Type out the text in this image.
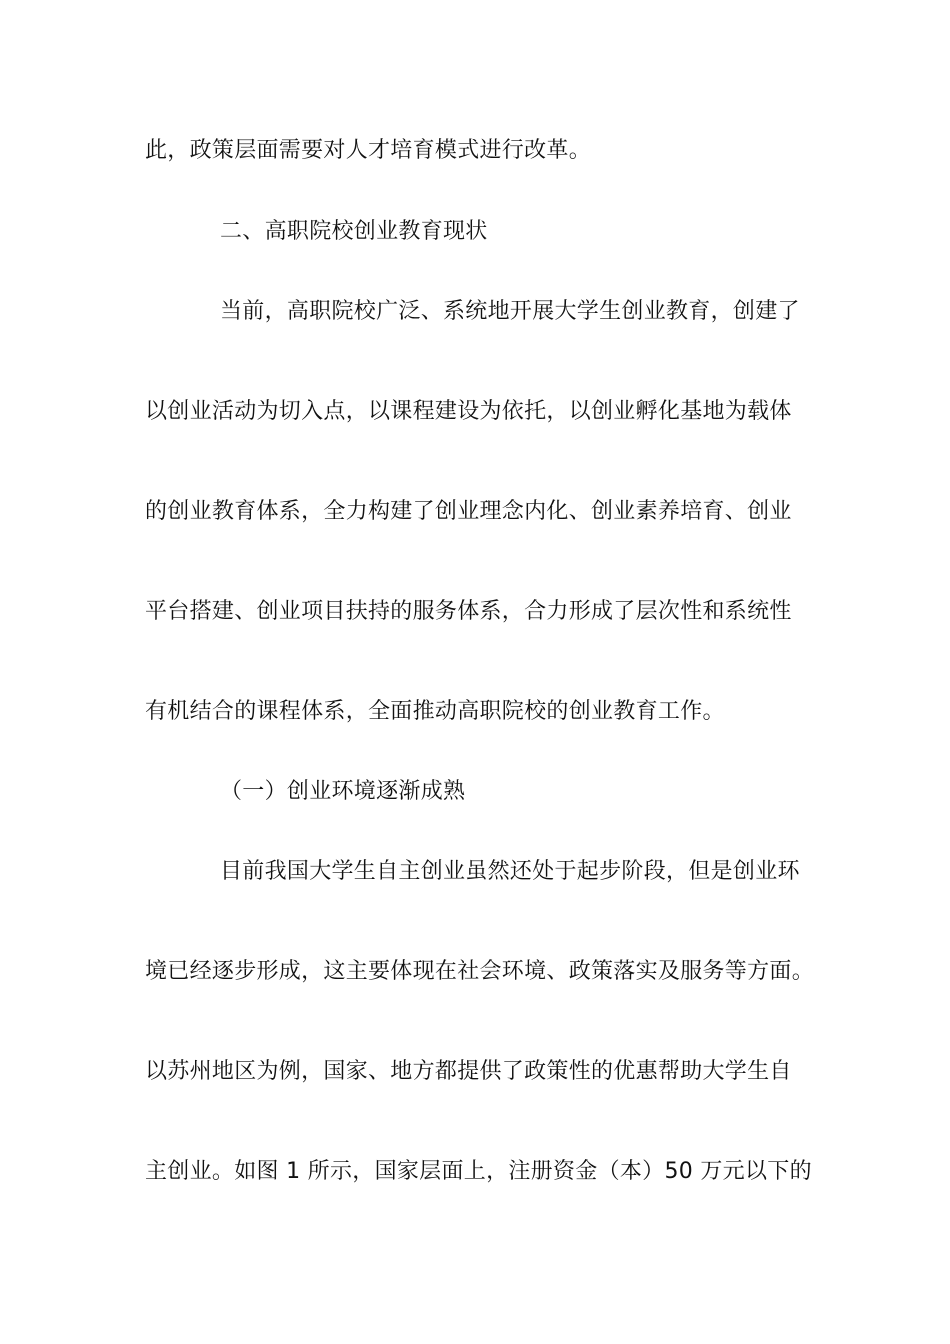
此，政策层面需要对人才培育模式进行改革。
二、高职院校创业教育现状
当前，高职院校广泛、系统地开展大学生创业教育，创建了
以创业活动为切入点，以课程建设为依托，以创业孵化基地为载体
的创业教育体系，全力构建了创业理念内化、创业素养培育、创业
平台搭建、创业项目扶持的服务体系，合力形成了层次性和系统性
有机结合的课程体系，全面推动高职院校的创业教育工作。
（一）创业环境逐渐成熟
目前我国大学生自主创业虽然还处于起步阶段，但是创业环
境已经逐步形成，这主要体现在社会环境、政策落实及服务等方面。
以苏州地区为例，国家、地方都提供了政策性的优惠帮助大学生自
主创业。如图 1 所示，国家层面上，注册资金（本）50 万元以下的
